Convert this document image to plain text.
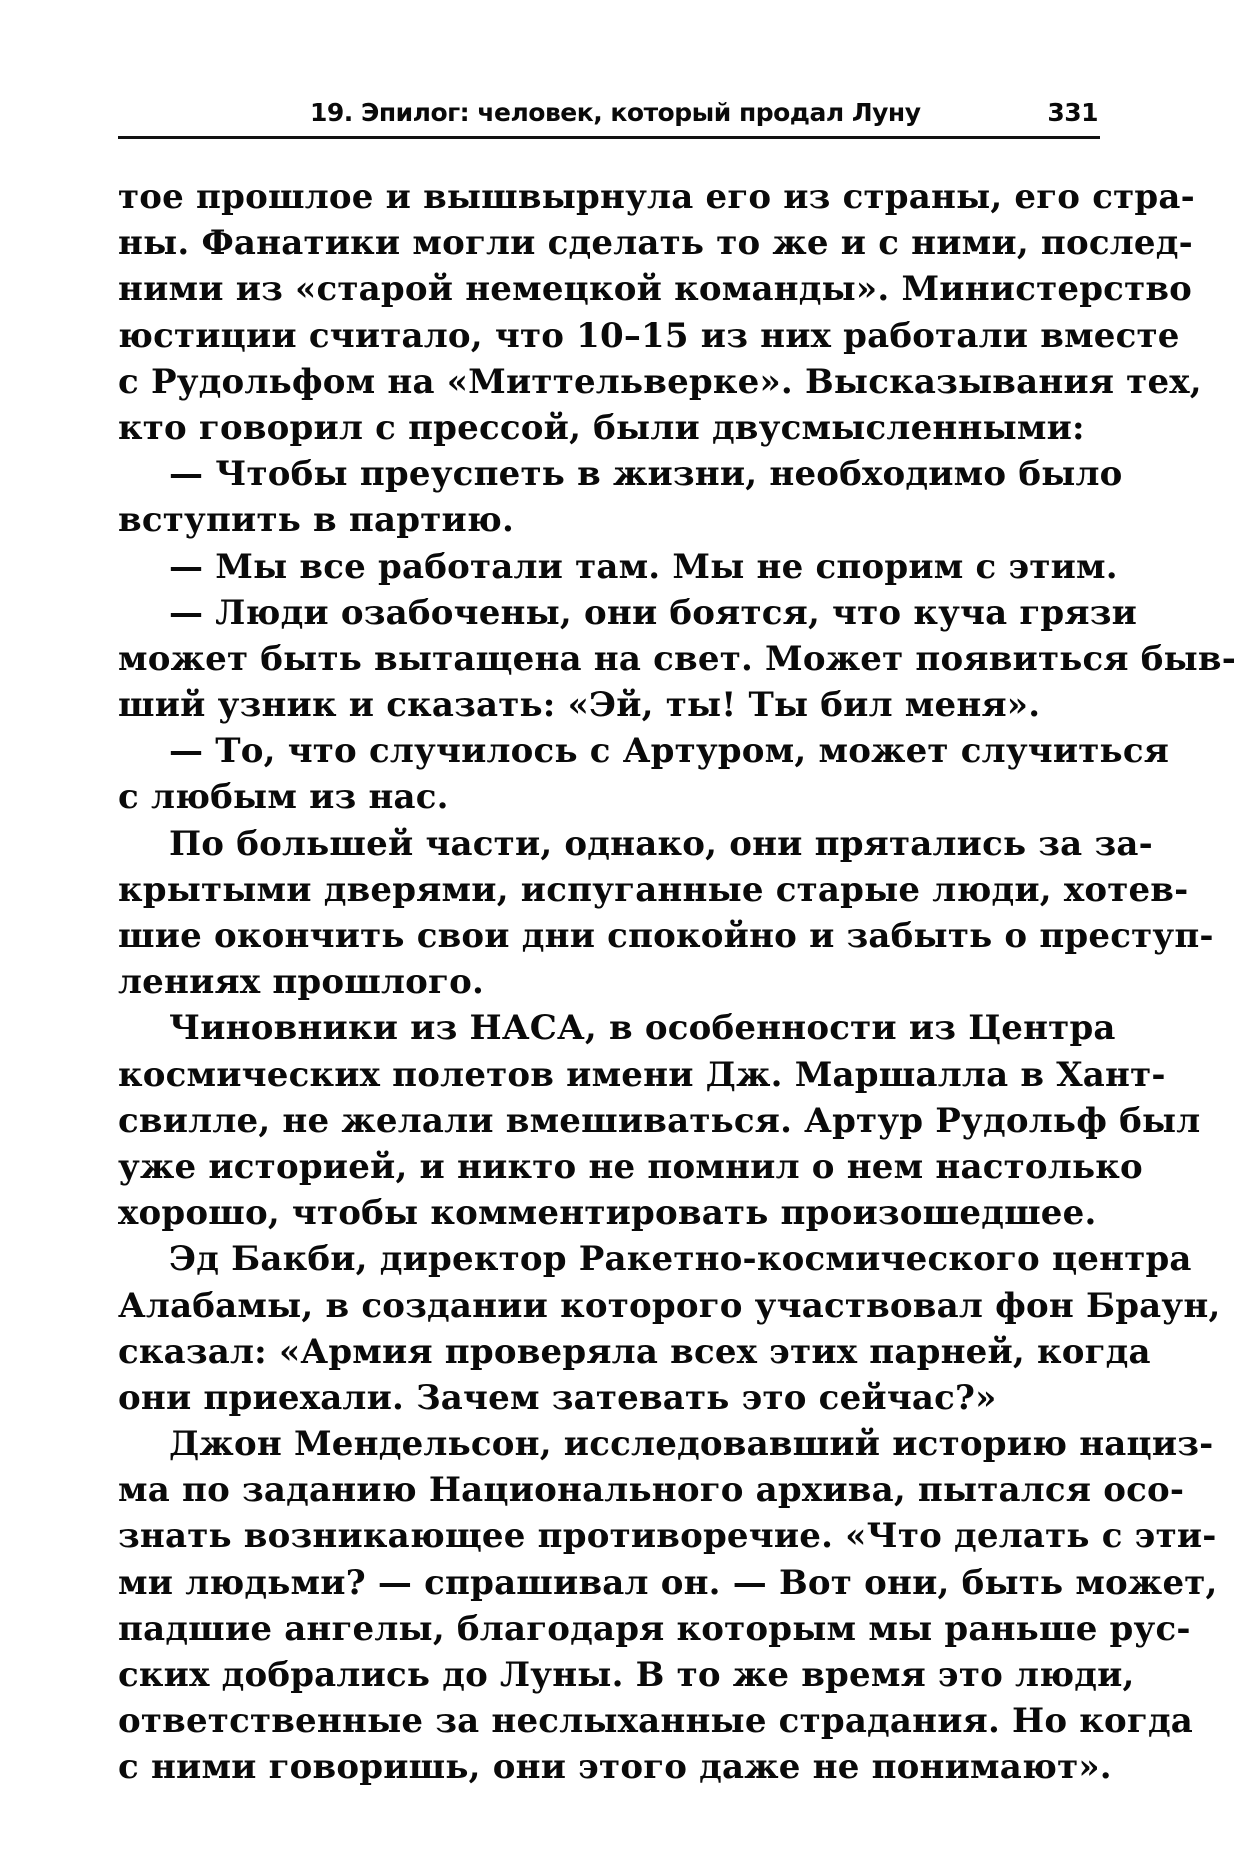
19. Эпилог: человек, который продал Луну	331
тое прошлое и вышвырнула его из страны, его стра-
ны. Фанатики могли сделать то же и с ними, послед-
ними из «старой немецкой команды». Министерство
юстиции считало, что 10–15 из них работали вместе
с Рудольфом на «Миттельверке». Высказывания тех,
кто говорил с прессой, были двусмысленными:
— Чтобы преуспеть в жизни, необходимо было
вступить в партию.
— Мы все работали там. Мы не спорим с этим.
— Люди озабочены, они боятся, что куча грязи
может быть вытащена на свет. Может появиться быв-
ший узник и сказать: «Эй, ты! Ты бил меня».
— То, что случилось с Артуром, может случиться
с любым из нас.
По большей части, однако, они прятались за за-
крытыми дверями, испуганные старые люди, хотев-
шие окончить свои дни спокойно и забыть о преступ-
лениях прошлого.
Чиновники из НАСА, в особенности из Центра
космических полетов имени Дж. Маршалла в Хант-
свилле, не желали вмешиваться. Артур Рудольф был
уже историей, и никто не помнил о нем настолько
хорошо, чтобы комментировать произошедшее.
Эд Бакби, директор Ракетно-космического центра
Алабамы, в создании которого участвовал фон Браун,
сказал: «Армия проверяла всех этих парней, когда
они приехали. Зачем затевать это сейчас?»
Джон Мендельсон, исследовавший историю нациз-
ма по заданию Национального архива, пытался осо-
знать возникающее противоречие. «Что делать с эти-
ми людьми? — спрашивал он. — Вот они, быть может,
падшие ангелы, благодаря которым мы раньше рус-
ских добрались до Луны. В то же время это люди,
ответственные за неслыханные страдания. Но когда
с ними говоришь, они этого даже не понимают».
